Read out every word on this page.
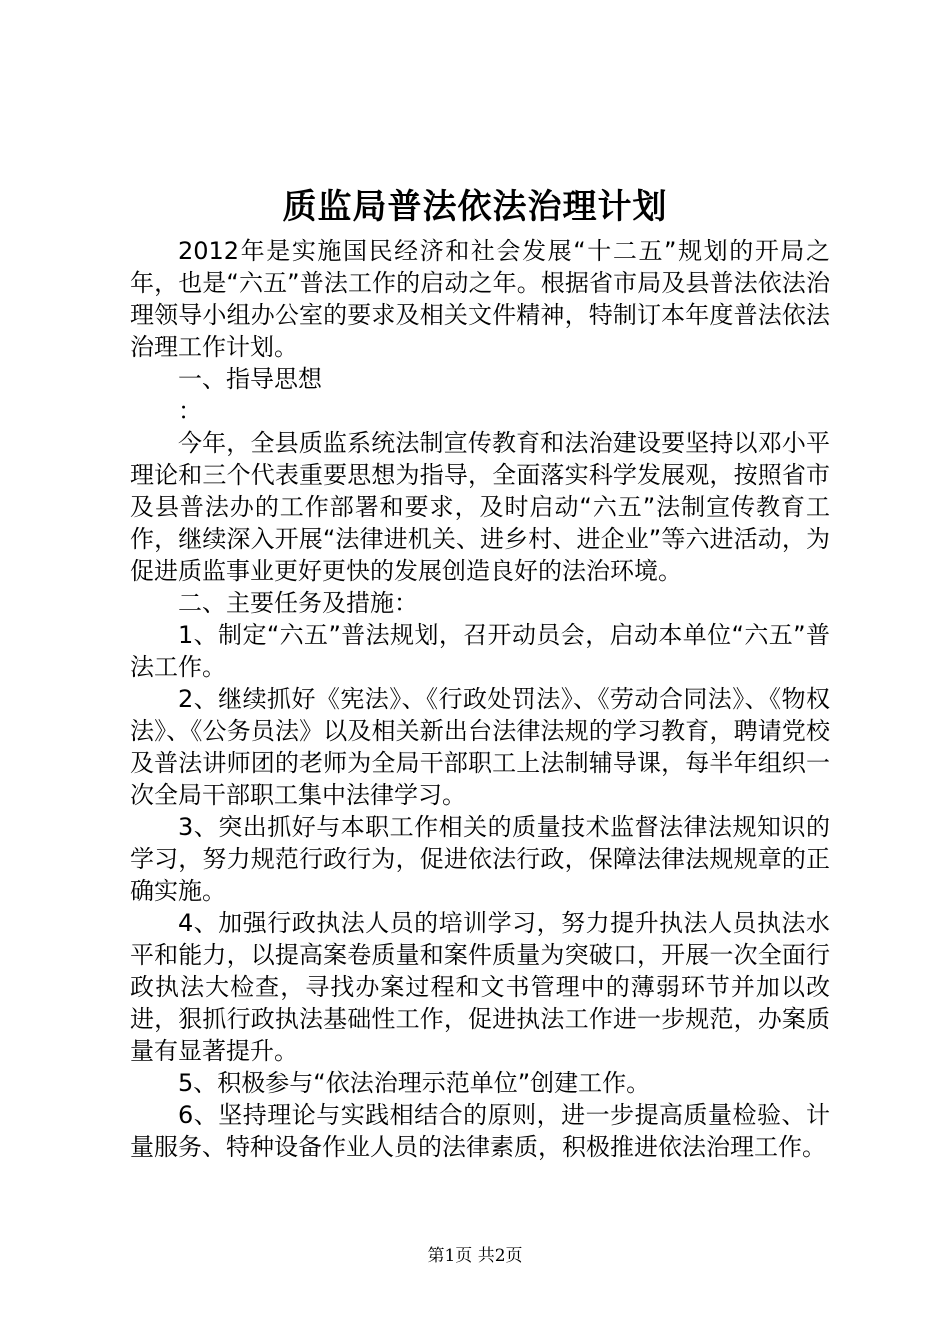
质监局普法依法治理计划

2012年是实施国民经济和社会发展“十二五”规划的开局之年，也是“六五”普法工作的启动之年。根据省市局及县普法依法治理领导小组办公室的要求及相关文件精神，特制订本年度普法依法治理工作计划。

一、指导思想

：

今年，全县质监系统法制宣传教育和法治建设要坚持以邓小平理论和三个代表重要思想为指导，全面落实科学发展观，按照省市及县普法办的工作部署和要求，及时启动“六五”法制宣传教育工作，继续深入开展“法律进机关、进乡村、进企业”等六进活动，为促进质监事业更好更快的发展创造良好的法治环境。

二、主要任务及措施：

1、制定“六五”普法规划，召开动员会，启动本单位“六五”普法工作。

2、继续抓好《宪法》、《行政处罚法》、《劳动合同法》、《物权法》、《公务员法》以及相关新出台法律法规的学习教育，聘请党校及普法讲师团的老师为全局干部职工上法制辅导课，每半年组织一次全局干部职工集中法律学习。

3、突出抓好与本职工作相关的质量技术监督法律法规知识的学习，努力规范行政行为，促进依法行政，保障法律法规规章的正确实施。

4、加强行政执法人员的培训学习，努力提升执法人员执法水平和能力，以提高案卷质量和案件质量为突破口，开展一次全面行政执法大检查，寻找办案过程和文书管理中的薄弱环节并加以改进，狠抓行政执法基础性工作，促进执法工作进一步规范，办案质量有显著提升。

5、积极参与“依法治理示范单位”创建工作。

6、坚持理论与实践相结合的原则，进一步提高质量检验、计量服务、特种设备作业人员的法律素质，积极推进依法治理工作。

第1页 共2页
